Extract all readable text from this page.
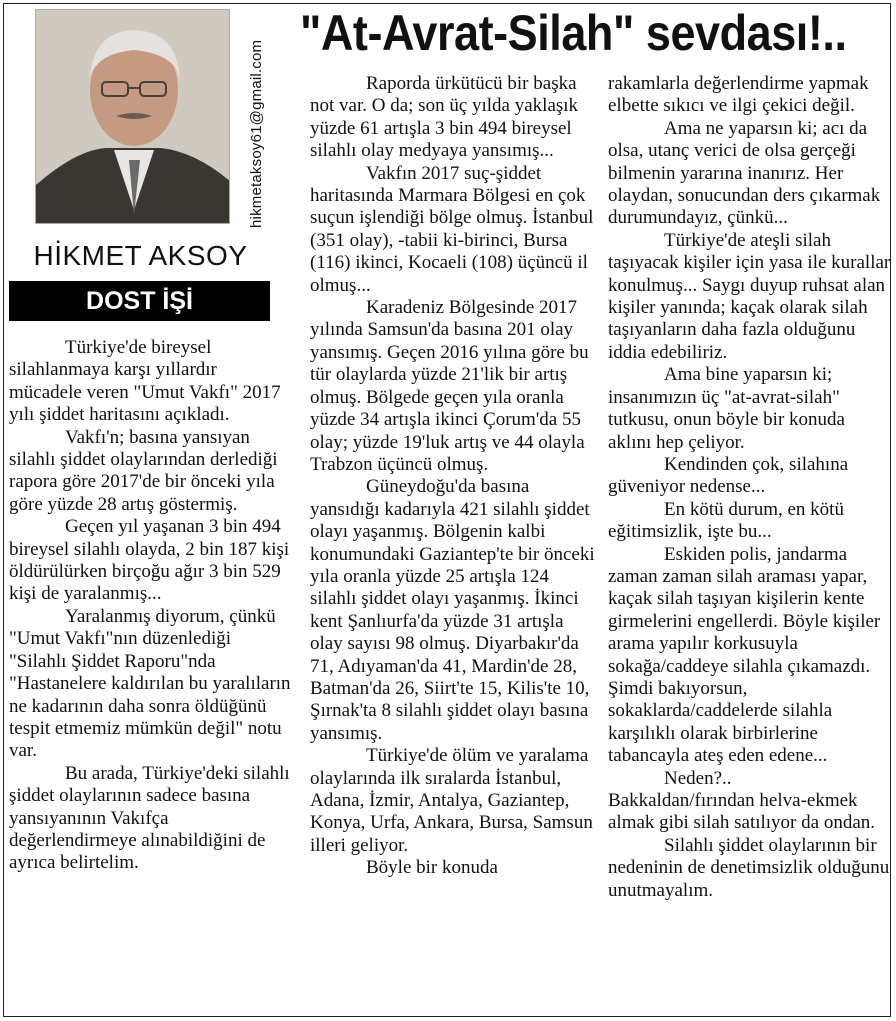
hikmetaksoy61@gmail.com
"At-Avrat-Silah" sevdası!..
HİKMET AKSOY
DOST İŞİ

Türkiye'de bireysel silahlanmaya karşı yıllardır mücadele veren "Umut Vakfı" 2017 yılı şiddet haritasını açıkladı.

Vakfı'n; basına yansıyan silahlı şiddet olaylarından derlediği rapora göre 2017'de bir önceki yıla göre yüzde 28 artış göstermiş.

Geçen yıl yaşanan 3 bin 494 bireysel silahlı olayda, 2 bin 187 kişi öldürülürken birçoğu ağır 3 bin 529 kişi de yaralanmış...

Yaralanmış diyorum, çünkü "Umut Vakfı"nın düzenlediği "Silahlı Şiddet Raporu"nda "Hastanelere kaldırılan bu yaralıların ne kadarının daha sonra öldüğünü tespit etmemiz mümkün değil" notu var.

Bu arada, Türkiye'deki silahlı şiddet olaylarının sadece basına yansıyanının Vakıfça değerlendirmeye alınabildiğini de ayrıca belirtelim.

Raporda ürkütücü bir başka not var. O da; son üç yılda yaklaşık yüzde 61 artışla 3 bin 494 bireysel silahlı olay medyaya yansımış...

Vakfın 2017 suç-şiddet haritasında Marmara Bölgesi en çok suçun işlendiği bölge olmuş. İstanbul (351 olay), -tabii ki-birinci, Bursa (116) ikinci, Kocaeli (108) üçüncü il olmuş...

Karadeniz Bölgesinde 2017 yılında Samsun'da basına 201 olay yansımış. Geçen 2016 yılına göre bu tür olaylarda yüzde 21'lik bir artış olmuş. Bölgede geçen yıla oranla yüzde 34 artışla ikinci Çorum'da 55 olay; yüzde 19'luk artış ve 44 olayla Trabzon üçüncü olmuş.

Güneydoğu'da basına yansıdığı kadarıyla 421 silahlı şiddet olayı yaşanmış. Bölgenin kalbi konumundaki Gaziantep'te bir önceki yıla oranla yüzde 25 artışla 124 silahlı şiddet olayı yaşanmış. İkinci kent Şanlıurfa'da yüzde 31 artışla olay sayısı 98 olmuş. Diyarbakır'da 71, Adıyaman'da 41, Mardin'de 28, Batman'da 26, Siirt'te 15, Kilis'te 10, Şırnak'ta 8 silahlı şiddet olayı basına yansımış.

Türkiye'de ölüm ve yaralama olaylarında ilk sıralarda İstanbul, Adana, İzmir, Antalya, Gaziantep, Konya, Urfa, Ankara, Bursa, Samsun illeri geliyor.

Böyle bir konuda

rakamlarla değerlendirme yapmak elbette sıkıcı ve ilgi çekici değil.

Ama ne yaparsın ki; acı da olsa, utanç verici de olsa gerçeği bilmenin yararına inanırız. Her olaydan, sonucundan ders çıkarmak durumundayız, çünkü...

Türkiye'de ateşli silah taşıyacak kişiler için yasa ile kurallar konulmuş... Saygı duyup ruhsat alan kişiler yanında; kaçak olarak silah taşıyanların daha fazla olduğunu iddia edebiliriz.

Ama bine yaparsın ki; insanımızın üç "at-avrat-silah" tutkusu, onun böyle bir konuda aklını hep çeliyor.

Kendinden çok, silahına güveniyor nedense...

En kötü durum, en kötü eğitimsizlik, işte bu...

Eskiden polis, jandarma zaman zaman silah araması yapar, kaçak silah taşıyan kişilerin kente girmelerini engellerdi. Böyle kişiler arama yapılır korkusuyla sokağa/caddeye silahla çıkamazdı. Şimdi bakıyorsun, sokaklarda/caddelerde silahla karşılıklı olarak birbirlerine tabancayla ateş eden edene...

Neden?..

Bakkaldan/fırından helva-ekmek almak gibi silah satılıyor da ondan.

Silahlı şiddet olaylarının bir nedeninin de denetimsizlik olduğunu unutmayalım.
